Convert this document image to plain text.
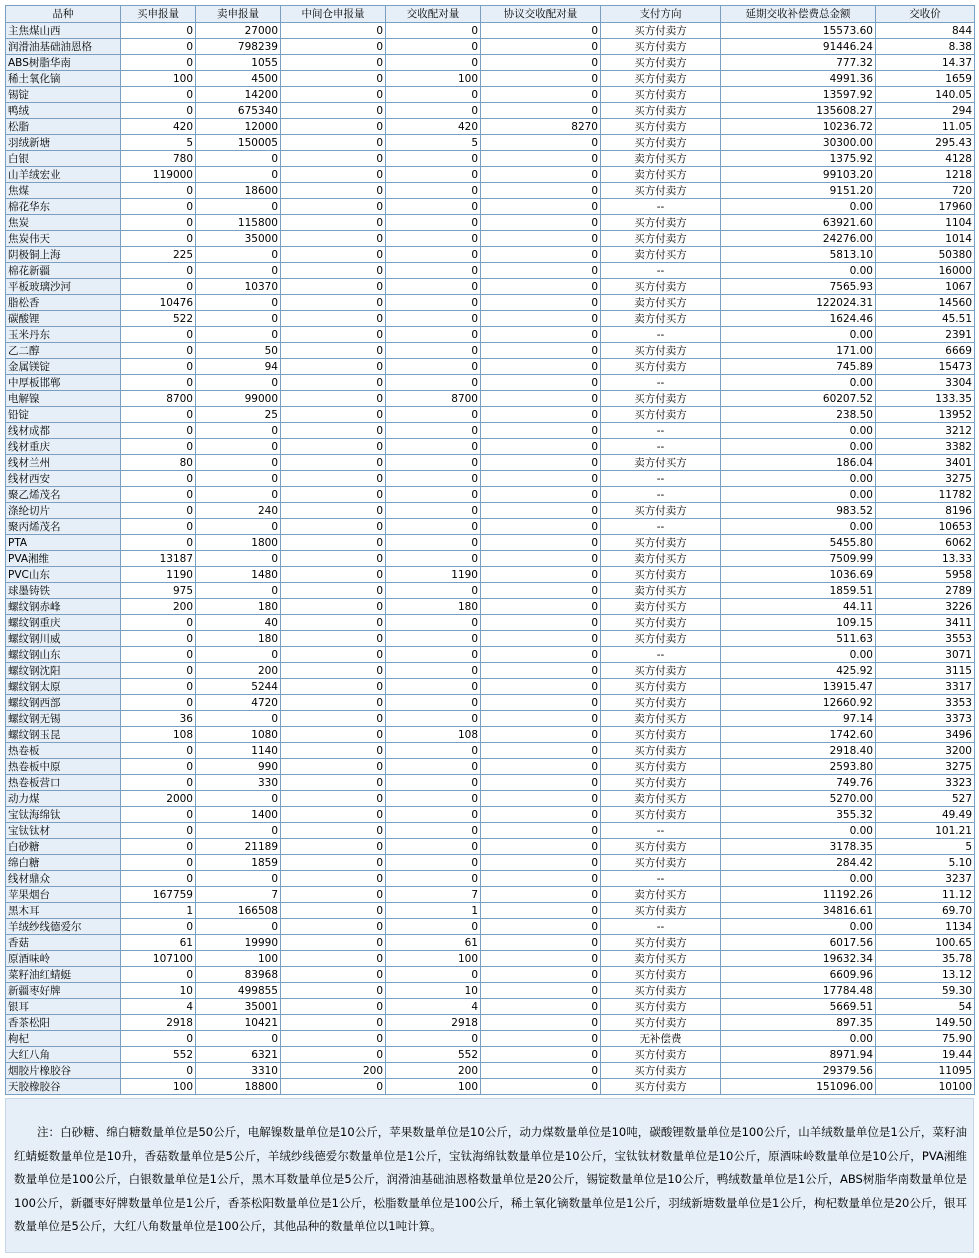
品种	买申报量	卖申报量	中间仓申报量	交收配对量	协议交收配对量	支付方向	延期交收补偿费总金额	交收价
主焦煤山西	0	27000	0	0	0	买方付卖方	15573.60	844
润滑油基础油恩格	0	798239	0	0	0	买方付卖方	91446.24	8.38
ABS树脂华南	0	1055	0	0	0	买方付卖方	777.32	14.37
稀土氧化镝	100	4500	0	100	0	买方付卖方	4991.36	1659
锡锭	0	14200	0	0	0	买方付卖方	13597.92	140.05
鸭绒	0	675340	0	0	0	买方付卖方	135608.27	294
松脂	420	12000	0	420	8270	买方付卖方	10236.72	11.05
羽绒新塘	5	150005	0	5	0	买方付卖方	30300.00	295.43
白银	780	0	0	0	0	卖方付买方	1375.92	4128
山羊绒宏业	119000	0	0	0	0	卖方付买方	99103.20	1218
焦煤	0	18600	0	0	0	买方付卖方	9151.20	720
棉花华东	0	0	0	0	0	--	0.00	17960
焦炭	0	115800	0	0	0	买方付卖方	63921.60	1104
焦炭伟天	0	35000	0	0	0	买方付卖方	24276.00	1014
阴极铜上海	225	0	0	0	0	卖方付买方	5813.10	50380
棉花新疆	0	0	0	0	0	--	0.00	16000
平板玻璃沙河	0	10370	0	0	0	买方付卖方	7565.93	1067
脂松香	10476	0	0	0	0	卖方付买方	122024.31	14560
碳酸锂	522	0	0	0	0	卖方付买方	1624.46	45.51
玉米丹东	0	0	0	0	0	--	0.00	2391
乙二醇	0	50	0	0	0	买方付卖方	171.00	6669
金属镁锭	0	94	0	0	0	买方付卖方	745.89	15473
中厚板邯郸	0	0	0	0	0	--	0.00	3304
电解镍	8700	99000	0	8700	0	买方付卖方	60207.52	133.35
铅锭	0	25	0	0	0	买方付卖方	238.50	13952
线材成都	0	0	0	0	0	--	0.00	3212
线材重庆	0	0	0	0	0	--	0.00	3382
线材兰州	80	0	0	0	0	卖方付买方	186.04	3401
线材西安	0	0	0	0	0	--	0.00	3275
聚乙烯茂名	0	0	0	0	0	--	0.00	11782
涤纶切片	0	240	0	0	0	买方付卖方	983.52	8196
聚丙烯茂名	0	0	0	0	0	--	0.00	10653
PTA	0	1800	0	0	0	买方付卖方	5455.80	6062
PVA湘维	13187	0	0	0	0	卖方付买方	7509.99	13.33
PVC山东	1190	1480	0	1190	0	买方付卖方	1036.69	5958
球墨铸铁	975	0	0	0	0	卖方付买方	1859.51	2789
螺纹钢赤峰	200	180	0	180	0	卖方付买方	44.11	3226
螺纹钢重庆	0	40	0	0	0	买方付卖方	109.15	3411
螺纹钢川威	0	180	0	0	0	买方付卖方	511.63	3553
螺纹钢山东	0	0	0	0	0	--	0.00	3071
螺纹钢沈阳	0	200	0	0	0	买方付卖方	425.92	3115
螺纹钢太原	0	5244	0	0	0	买方付卖方	13915.47	3317
螺纹钢西部	0	4720	0	0	0	买方付卖方	12660.92	3353
螺纹钢无锡	36	0	0	0	0	卖方付买方	97.14	3373
螺纹钢玉昆	108	1080	0	108	0	买方付卖方	1742.60	3496
热卷板	0	1140	0	0	0	买方付卖方	2918.40	3200
热卷板中原	0	990	0	0	0	买方付卖方	2593.80	3275
热卷板营口	0	330	0	0	0	买方付卖方	749.76	3323
动力煤	2000	0	0	0	0	卖方付买方	5270.00	527
宝钛海绵钛	0	1400	0	0	0	买方付卖方	355.32	49.49
宝钛钛材	0	0	0	0	0	--	0.00	101.21
白砂糖	0	21189	0	0	0	买方付卖方	3178.35	5
绵白糖	0	1859	0	0	0	买方付卖方	284.42	5.10
线材鼎众	0	0	0	0	0	--	0.00	3237
苹果烟台	167759	7	0	7	0	卖方付买方	11192.26	11.12
黑木耳	1	166508	0	1	0	买方付卖方	34816.61	69.70
羊绒纱线德爱尔	0	0	0	0	0	--	0.00	1134
香菇	61	19990	0	61	0	买方付卖方	6017.56	100.65
原酒味岭	107100	100	0	100	0	卖方付买方	19632.34	35.78
菜籽油红蜻蜓	0	83968	0	0	0	买方付卖方	6609.96	13.12
新疆枣好牌	10	499855	0	10	0	买方付卖方	17784.48	59.30
银耳	4	35001	0	4	0	买方付卖方	5669.51	54
香茶松阳	2918	10421	0	2918	0	买方付卖方	897.35	149.50
枸杞	0	0	0	0	0	无补偿费	0.00	75.90
大红八角	552	6321	0	552	0	买方付卖方	8971.94	19.44
烟胶片橡胶谷	0	3310	200	200	0	买方付卖方	29379.56	11095
天胶橡胶谷	100	18800	0	100	0	买方付卖方	151096.00	10100
注：白砂糖、绵白糖数量单位是50公斤，电解镍数量单位是10公斤，苹果数量单位是10公斤，动力煤数量单位是10吨，碳酸锂数量单位是100公斤，山羊绒数量单位是1公斤，菜籽油红蜻蜓数量单位是10升，香菇数量单位是5公斤，羊绒纱线德爱尔数量单位是1公斤，宝钛海绵钛数量单位是10公斤，宝钛钛材数量单位是10公斤，原酒味岭数量单位是10公斤，PVA湘维数量单位是100公斤，白银数量单位是1公斤，黑木耳数量单位是5公斤，润滑油基础油恩格数量单位是20公斤，锡锭数量单位是10公斤，鸭绒数量单位是1公斤，ABS树脂华南数量单位是100公斤，新疆枣好牌数量单位是1公斤，香茶松阳数量单位是1公斤，松脂数量单位是100公斤，稀土氧化镝数量单位是1公斤，羽绒新塘数量单位是1公斤，枸杞数量单位是20公斤，银耳数量单位是5公斤，大红八角数量单位是100公斤，其他品种的数量单位以1吨计算。
